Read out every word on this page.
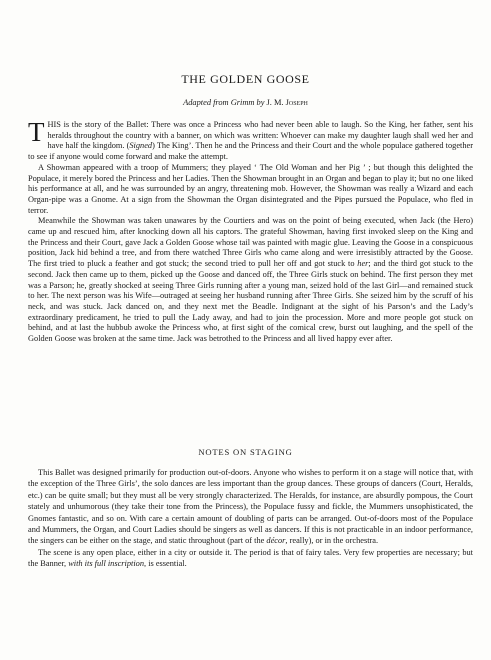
THE GOLDEN GOOSE

Adapted from Grimm by J. M. Joseph

THIS is the story of the Ballet: There was once a Princess who had never been able to laugh. So the King, her father, sent his heralds throughout the country with a banner, on which was written: Whoever can make my daughter laugh shall wed her and have half the kingdom. (Signed) The King’. Then he and the Princess and their Court and the whole populace gathered together to see if anyone would come forward and make the attempt.

A Showman appeared with a troop of Mummers; they played ‘ The Old Woman and her Pig ’ ; but though this delighted the Populace, it merely bored the Princess and her Ladies. Then the Showman brought in an Organ and began to play it; but no one liked his performance at all, and he was surrounded by an angry, threatening mob. However, the Showman was really a Wizard and each Organ-pipe was a Gnome. At a sign from the Showman the Organ disintegrated and the Pipes pursued the Populace, who fled in terror.

Meanwhile the Showman was taken unawares by the Courtiers and was on the point of being executed, when Jack (the Hero) came up and rescued him, after knocking down all his captors. The grateful Showman, having first invoked sleep on the King and the Princess and their Court, gave Jack a Golden Goose whose tail was painted with magic glue. Leaving the Goose in a conspicuous position, Jack hid behind a tree, and from there watched Three Girls who came along and were irresistibly attracted by the Goose. The first tried to pluck a feather and got stuck; the second tried to pull her off and got stuck to her; and the third got stuck to the second. Jack then came up to them, picked up the Goose and danced off, the Three Girls stuck on behind. The first person they met was a Parson; he, greatly shocked at seeing Three Girls running after a young man, seized hold of the last Girl—and remained stuck to her. The next person was his Wife—outraged at seeing her husband running after Three Girls. She seized him by the scruff of his neck, and was stuck. Jack danced on, and they next met the Beadle. Indignant at the sight of his Parson’s and the Lady’s extraordinary predicament, he tried to pull the Lady away, and had to join the procession. More and more people got stuck on behind, and at last the hubbub awoke the Princess who, at first sight of the comical crew, burst out laughing, and the spell of the Golden Goose was broken at the same time. Jack was betrothed to the Princess and all lived happy ever after.

NOTES ON STAGING

This Ballet was designed primarily for production out-of-doors. Anyone who wishes to perform it on a stage will notice that, with the exception of the Three Girls’, the solo dances are less important than the group dances. These groups of dancers (Court, Heralds, etc.) can be quite small; but they must all be very strongly characterized. The Heralds, for instance, are absurdly pompous, the Court stately and unhumorous (they take their tone from the Princess), the Populace fussy and fickle, the Mummers unsophisticated, the Gnomes fantastic, and so on. With care a certain amount of doubling of parts can be arranged. Out-of-doors most of the Populace and Mummers, the Organ, and Court Ladies should be singers as well as dancers. If this is not practicable in an indoor performance, the singers can be either on the stage, and static throughout (part of the décor, really), or in the orchestra.

The scene is any open place, either in a city or outside it. The period is that of fairy tales. Very few properties are necessary; but the Banner, with its full inscription, is essential.
